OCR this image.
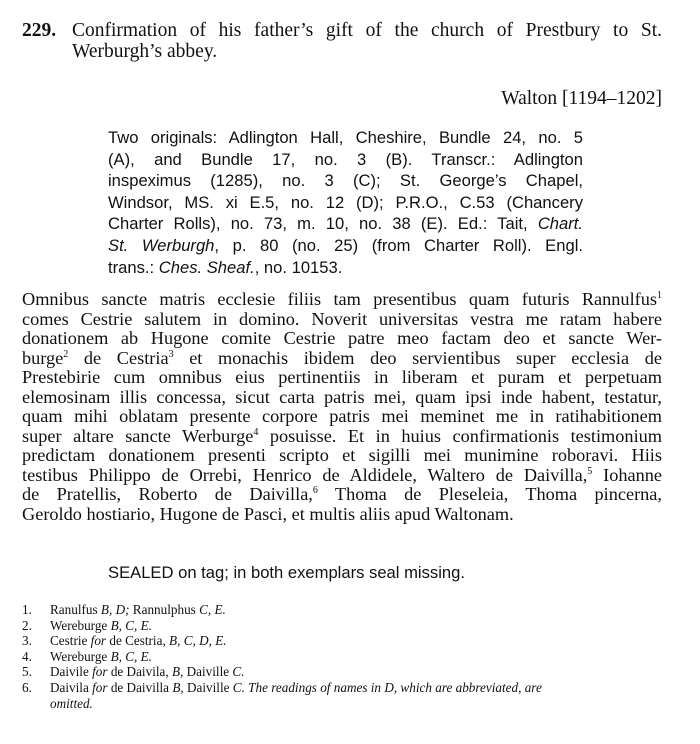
229. Confirmation of his father’s gift of the church of Prestbury to St. Werburgh’s abbey.
Walton [1194–1202]
Two originals: Adlington Hall, Cheshire, Bundle 24, no. 5
(A), and Bundle 17, no. 3 (B). Transcr.: Adlington
inspeximus (1285), no. 3 (C); St. George’s Chapel,
Windsor, MS. xi E.5, no. 12 (D); P.R.O., C.53 (Chancery
Charter Rolls), no. 73, m. 10, no. 38 (E). Ed.: Tait, Chart.
St. Werburgh, p. 80 (no. 25) (from Charter Roll). Engl.
trans.: Ches. Sheaf., no. 10153.
Omnibus sancte matris ecclesie filiis tam presentibus quam futuris Rannulfus$^1$
comes Cestrie salutem in domino. Noverit universitas vestra me ratam habere
donationem ab Hugone comite Cestrie patre meo factam deo et sancte Wer-
burge$^2$ de Cestria$^3$ et monachis ibidem deo servientibus super ecclesia de
Prestebirie cum omnibus eius pertinentiis in liberam et puram et perpetuam
elemosinam illis concessa, sicut carta patris mei, quam ipsi inde habent, testatur,
quam mihi oblatam presente corpore patris mei meminet me in ratihabitionem
super altare sancte Werburge$^4$ posuisse. Et in huius confirmationis testimonium
predictam donationem presenti scripto et sigilli mei munimine roboravi. Hiis
testibus Philippo de Orrebi, Henrico de Aldidele, Waltero de Daivilla,$^5$ Iohanne
de Pratellis, Roberto de Daivilla,$^6$ Thoma de Pleseleia, Thoma pincerna,
Geroldo hostiario, Hugone de Pasci, et multis aliis apud Waltonam.
SEALED on tag; in both exemplars seal missing.
1.	Ranulfus B, D; Rannulphus C, E.
2.	Wereburge B, C, E.
3.	Cestrie for de Cestria, B, C, D, E.
4.	Wereburge B, C, E.
5.	Daivile for de Daivila, B, Daiville C.
6.	Daivila for de Daivilla B, Daiville C. The readings of names in D, which are abbreviated, are
omitted.
